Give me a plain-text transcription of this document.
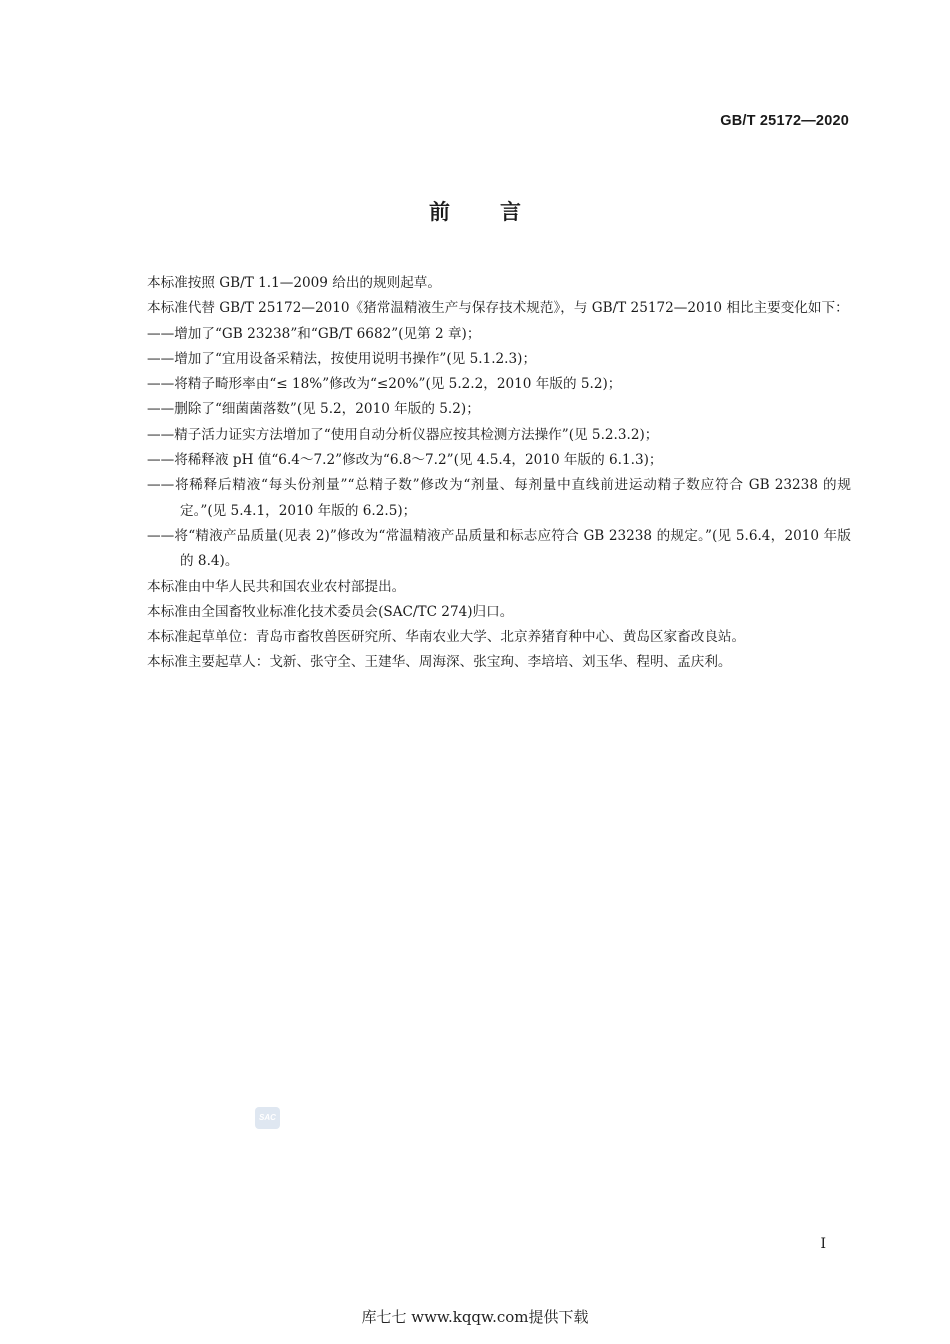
GB/T 25172—2020
前言

本标准按照 GB/T 1.1—2009 给出的规则起草。

本标准代替 GB/T 25172—2010《猪常温精液生产与保存技术规范》，与 GB/T 25172—2010 相比主要变化如下：

——增加了“GB 23238”和“GB/T 6682”(见第 2 章)；

——增加了“宜用设备采精法，按使用说明书操作”(见 5.1.2.3)；

——将精子畸形率由“≤ 18%”修改为“≤20%”(见 5.2.2，2010 年版的 5.2)；

——删除了“细菌菌落数”(见 5.2，2010 年版的 5.2)；

——精子活力证实方法增加了“使用自动分析仪器应按其检测方法操作”(见 5.2.3.2)；

——将稀释液 pH 值“6.4～7.2”修改为“6.8～7.2”(见 4.5.4，2010 年版的 6.1.3)；

——将稀释后精液“每头份剂量”“总精子数”修改为“剂量、每剂量中直线前进运动精子数应符合 GB 23238 的规定。”(见 5.4.1，2010 年版的 6.2.5)；

——将“精液产品质量(见表 2)”修改为“常温精液产品质量和标志应符合 GB 23238 的规定。”(见 5.6.4，2010 年版的 8.4)。

本标准由中华人民共和国农业农村部提出。

本标准由全国畜牧业标准化技术委员会(SAC/TC 274)归口。

本标准起草单位：青岛市畜牧兽医研究所、华南农业大学、北京养猪育种中心、黄岛区家畜改良站。

本标准主要起草人：戈新、张守全、王建华、周海深、张宝珣、李培培、刘玉华、程明、孟庆利。

SAC
I
库七七 www.kqqw.com提供下载
